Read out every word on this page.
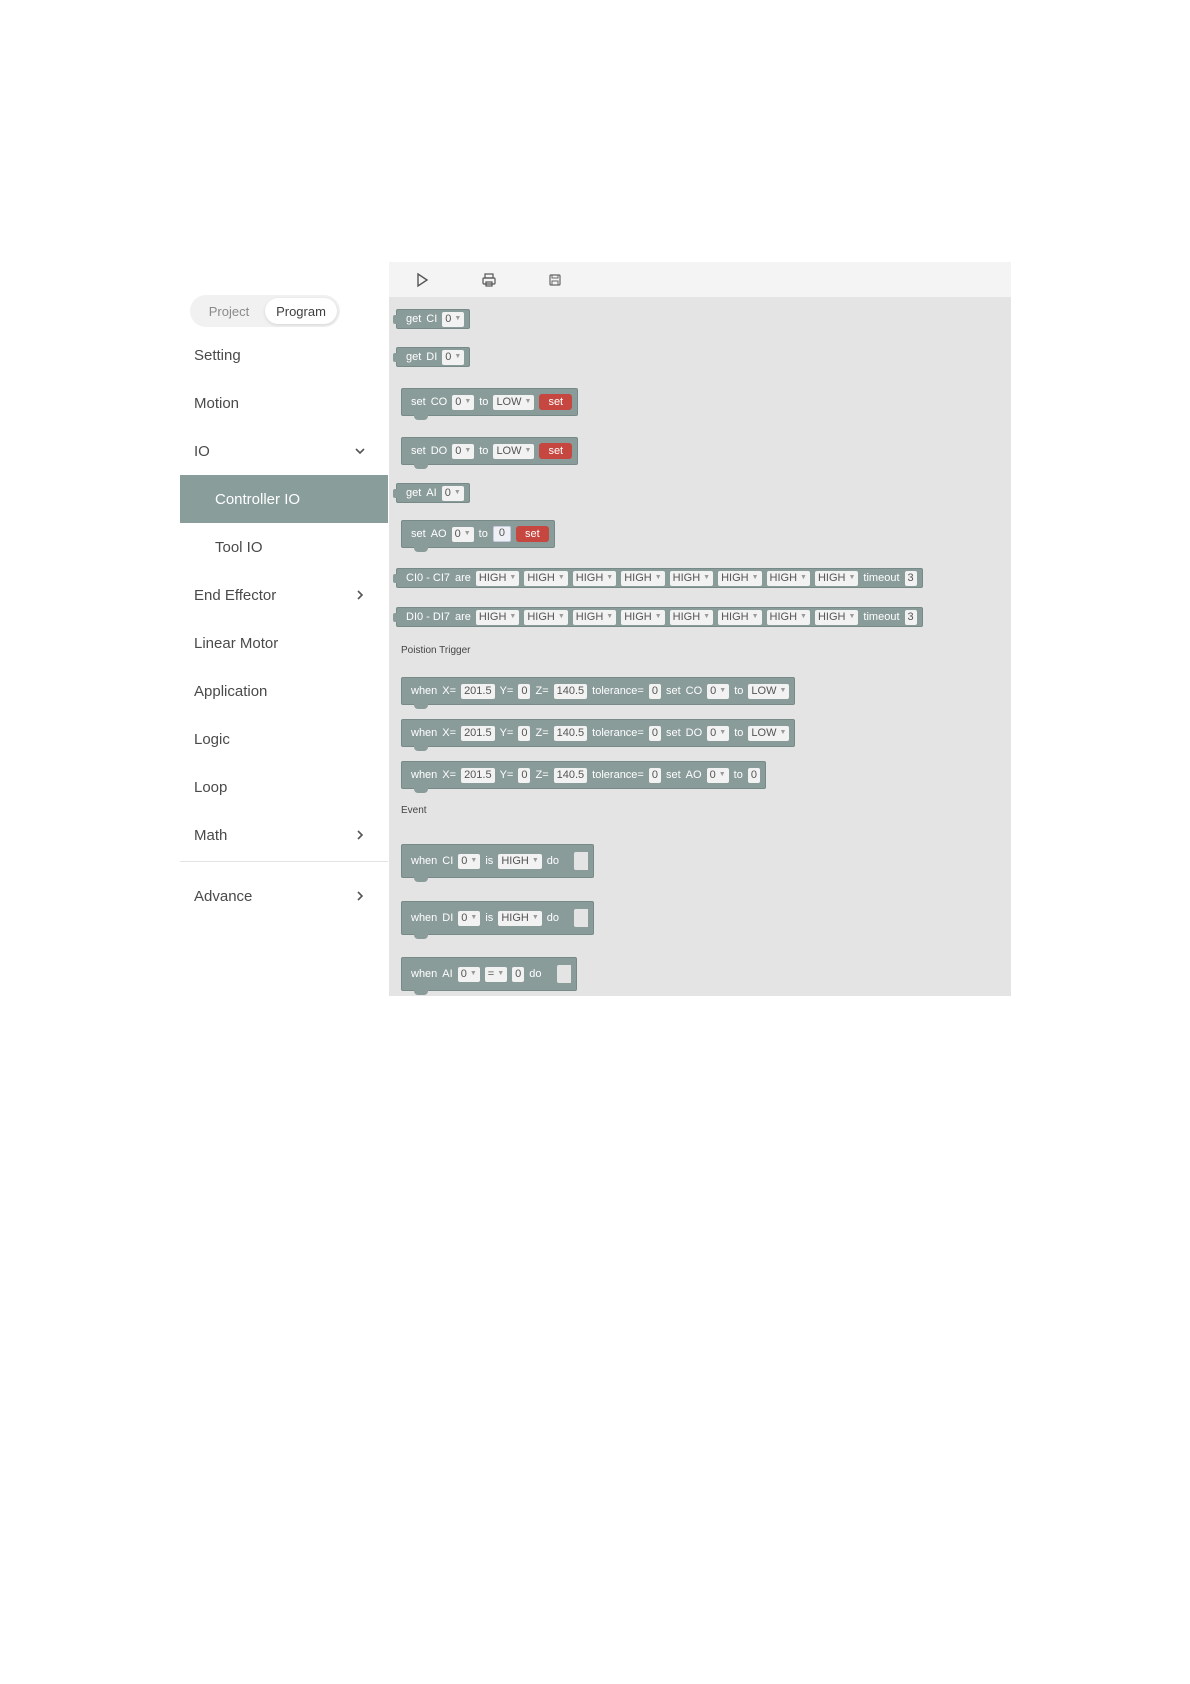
Project	Program
Setting
Motion
IO
Controller IO
Tool IO
End Effector
Linear Motor
Application
Logic
Loop
Math
Advance
get CI 0 ▼
get DI 0 ▼
set CO 0 ▼ to LOW ▼	set
set DO 0 ▼ to LOW ▼	set
get AI 0 ▼
set AO 0 ▼ to	0	set
CI0 - CI7 are HIGH ▼ HIGH ▼ HIGH ▼ HIGH ▼ HIGH ▼ HIGH ▼ HIGH ▼ HIGH ▼ timeout 3
DI0 - DI7 are HIGH ▼ HIGH ▼ HIGH ▼ HIGH ▼ HIGH ▼ HIGH ▼ HIGH ▼ HIGH ▼ timeout 3
Poistion Trigger
when X= 201.5 Y= 0 Z= 140.5 tolerance= 0 set CO 0 ▼ to LOW ▼
when X= 201.5 Y= 0 Z= 140.5 tolerance= 0 set DO 0 ▼ to LOW ▼
when X= 201.5 Y= 0 Z= 140.5 tolerance= 0 set AO 0 ▼ to 0
Event
when CI 0 ▼ is HIGH ▼ do
when DI 0 ▼ is HIGH ▼ do
when AI 0 ▼ = ▼ 0 do
